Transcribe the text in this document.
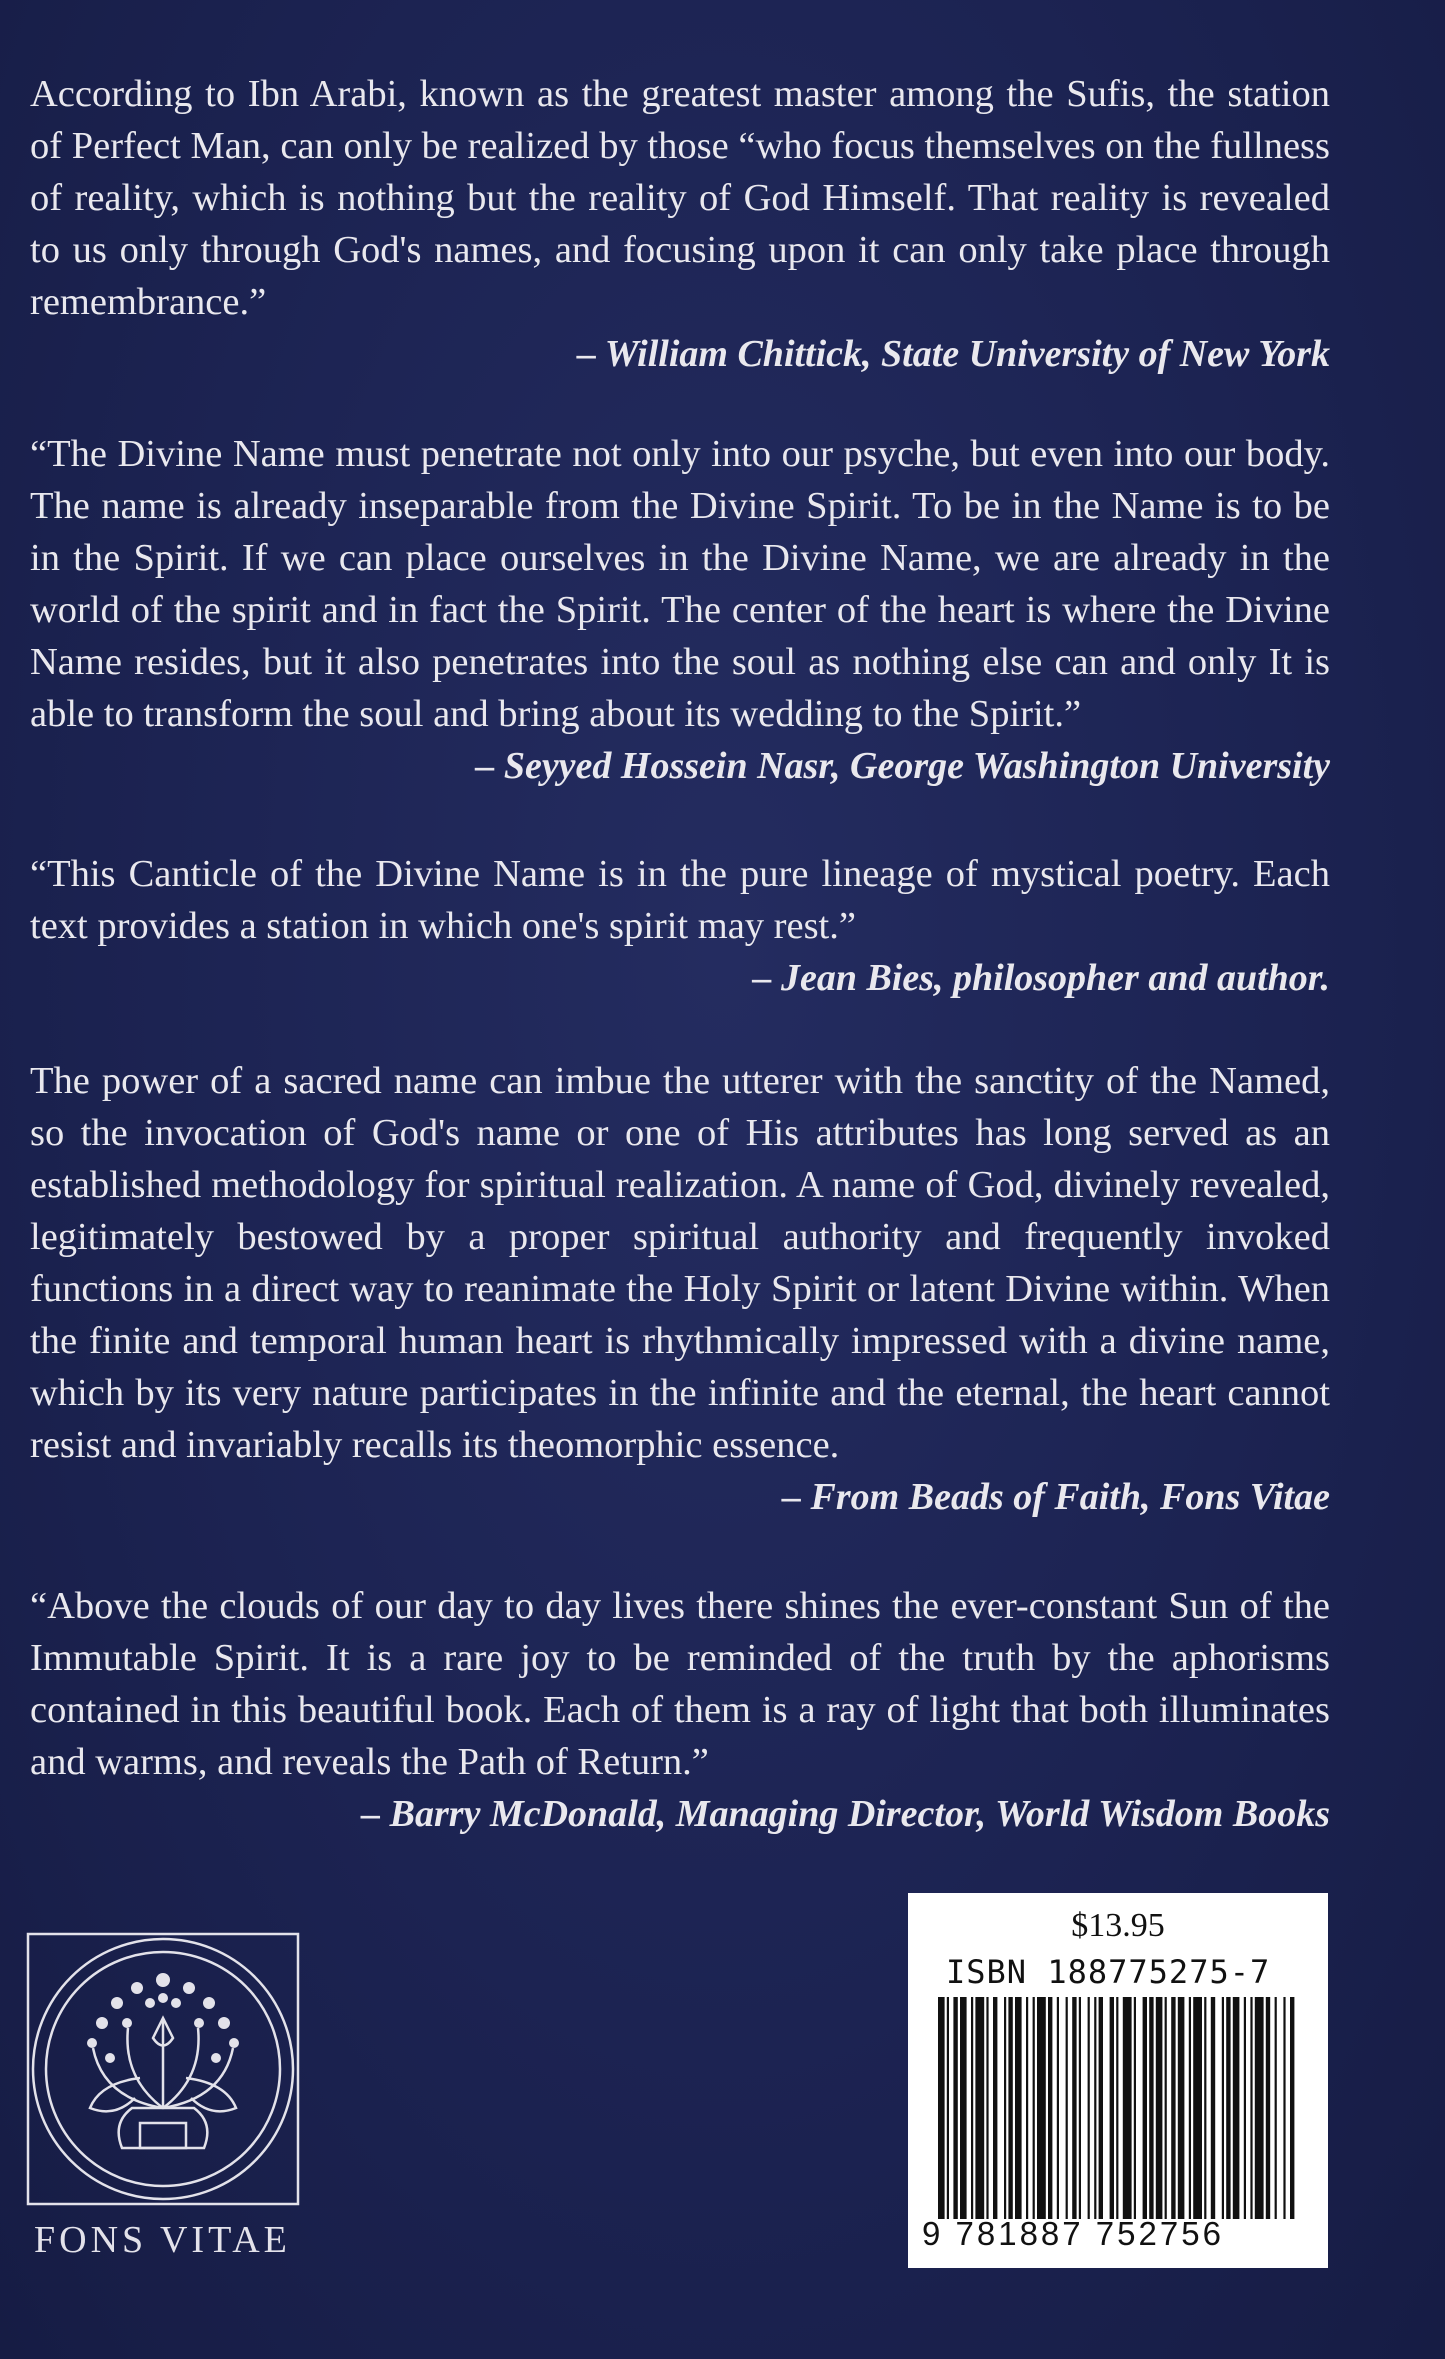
According to Ibn Arabi, known as the greatest master among the Sufis, the station of Perfect Man, can only be realized by those “who focus themselves on the fullness of reality, which is nothing but the reality of God Himself. That reality is revealed to us only through God's names, and focusing upon it can only take place through remembrance.”
– William Chittick, State University of New York

“The Divine Name must penetrate not only into our psyche, but even into our body. The name is already inseparable from the Divine Spirit. To be in the Name is to be in the Spirit. If we can place ourselves in the Divine Name, we are already in the world of the spirit and in fact the Spirit. The center of the heart is where the Divine Name resides, but it also penetrates into the soul as nothing else can and only It is able to transform the soul and bring about its wedding to the Spirit.”
– Seyyed Hossein Nasr, George Washington University

“This Canticle of the Divine Name is in the pure lineage of mystical poetry. Each text provides a station in which one's spirit may rest.”
– Jean Bies, philosopher and author.

The power of a sacred name can imbue the utterer with the sanctity of the Named, so the invocation of God's name or one of His attributes has long served as an established methodology for spiritual realization. A name of God, divinely revealed, legitimately bestowed by a proper spiritual authority and frequently invoked functions in a direct way to reanimate the Holy Spirit or latent Divine within. When the finite and temporal human heart is rhythmically impressed with a divine name, which by its very nature participates in the infinite and the eternal, the heart cannot resist and invariably recalls its theomorphic essence.
– From Beads of Faith, Fons Vitae

“Above the clouds of our day to day lives there shines the ever-constant Sun of the Immutable Spirit. It is a rare joy to be reminded of the truth by the aphorisms contained in this beautiful book. Each of them is a ray of light that both illuminates and warms, and reveals the Path of Return.”
– Barry McDonald, Managing Director, World Wisdom Books

FONS VITAE
$13.95
ISBN 188775275-7
9 781887 752756
